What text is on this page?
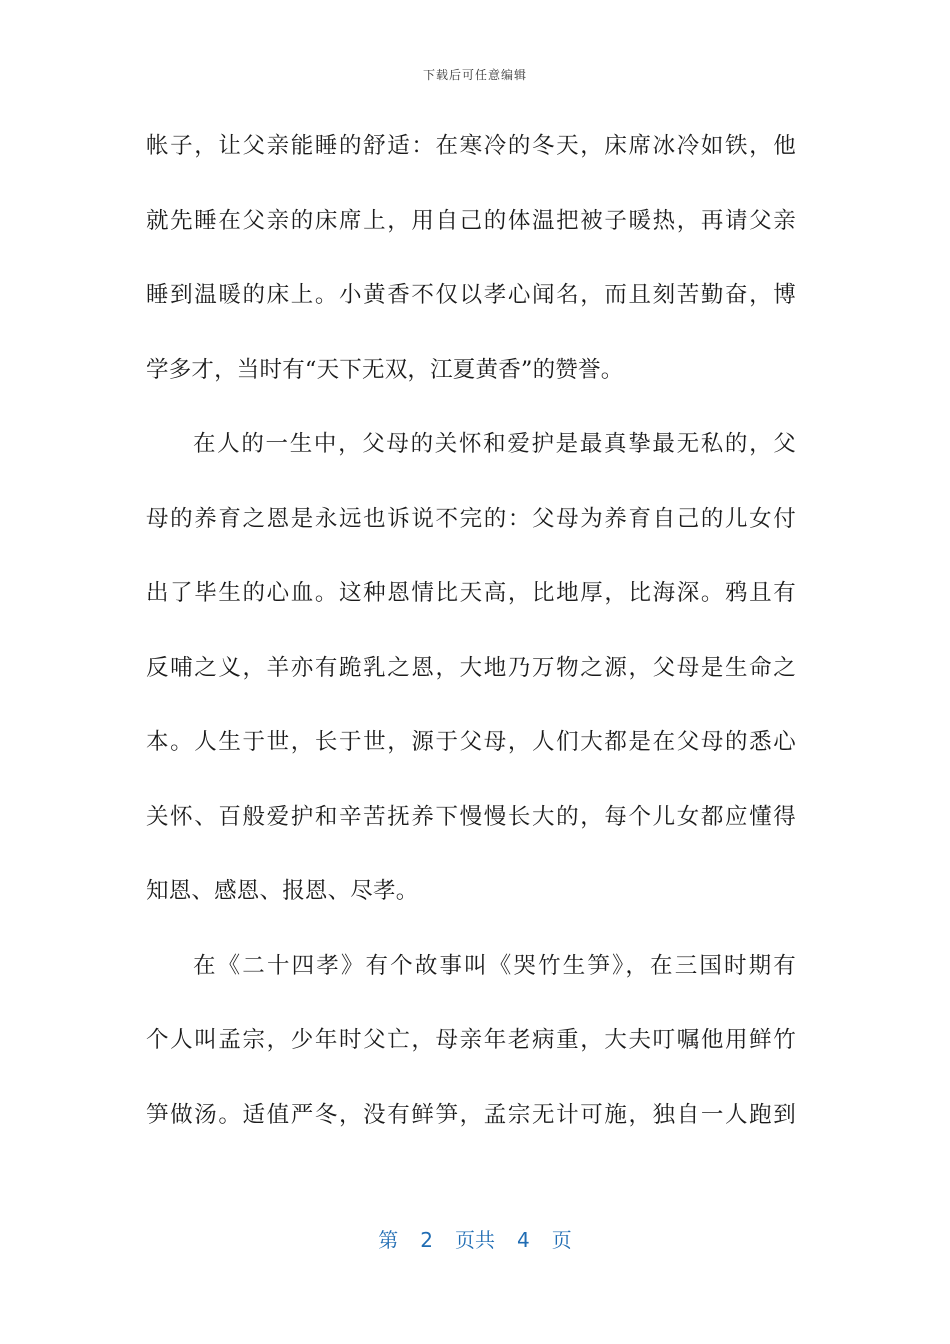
下载后可任意编辑
帐子，让父亲能睡的舒适：在寒冷的冬天，床席冰冷如铁，他
就先睡在父亲的床席上，用自己的体温把被子暖热，再请父亲
睡到温暖的床上。小黄香不仅以孝心闻名，而且刻苦勤奋，博
学多才，当时有“天下无双，江夏黄香”的赞誉。
在人的一生中，父母的关怀和爱护是最真挚最无私的，父
母的养育之恩是永远也诉说不完的：父母为养育自己的儿女付
出了毕生的心血。这种恩情比天高，比地厚，比海深。鸦且有
反哺之义，羊亦有跪乳之恩，大地乃万物之源，父母是生命之
本。人生于世，长于世，源于父母，人们大都是在父母的悉心
关怀、百般爱护和辛苦抚养下慢慢长大的，每个儿女都应懂得
知恩、感恩、报恩、尽孝。
在《二十四孝》有个故事叫《哭竹生笋》，在三国时期有
个人叫孟宗，少年时父亡，母亲年老病重，大夫叮嘱他用鲜竹
笋做汤。适值严冬，没有鲜笋，孟宗无计可施，独自一人跑到
第 2 页共 4 页
